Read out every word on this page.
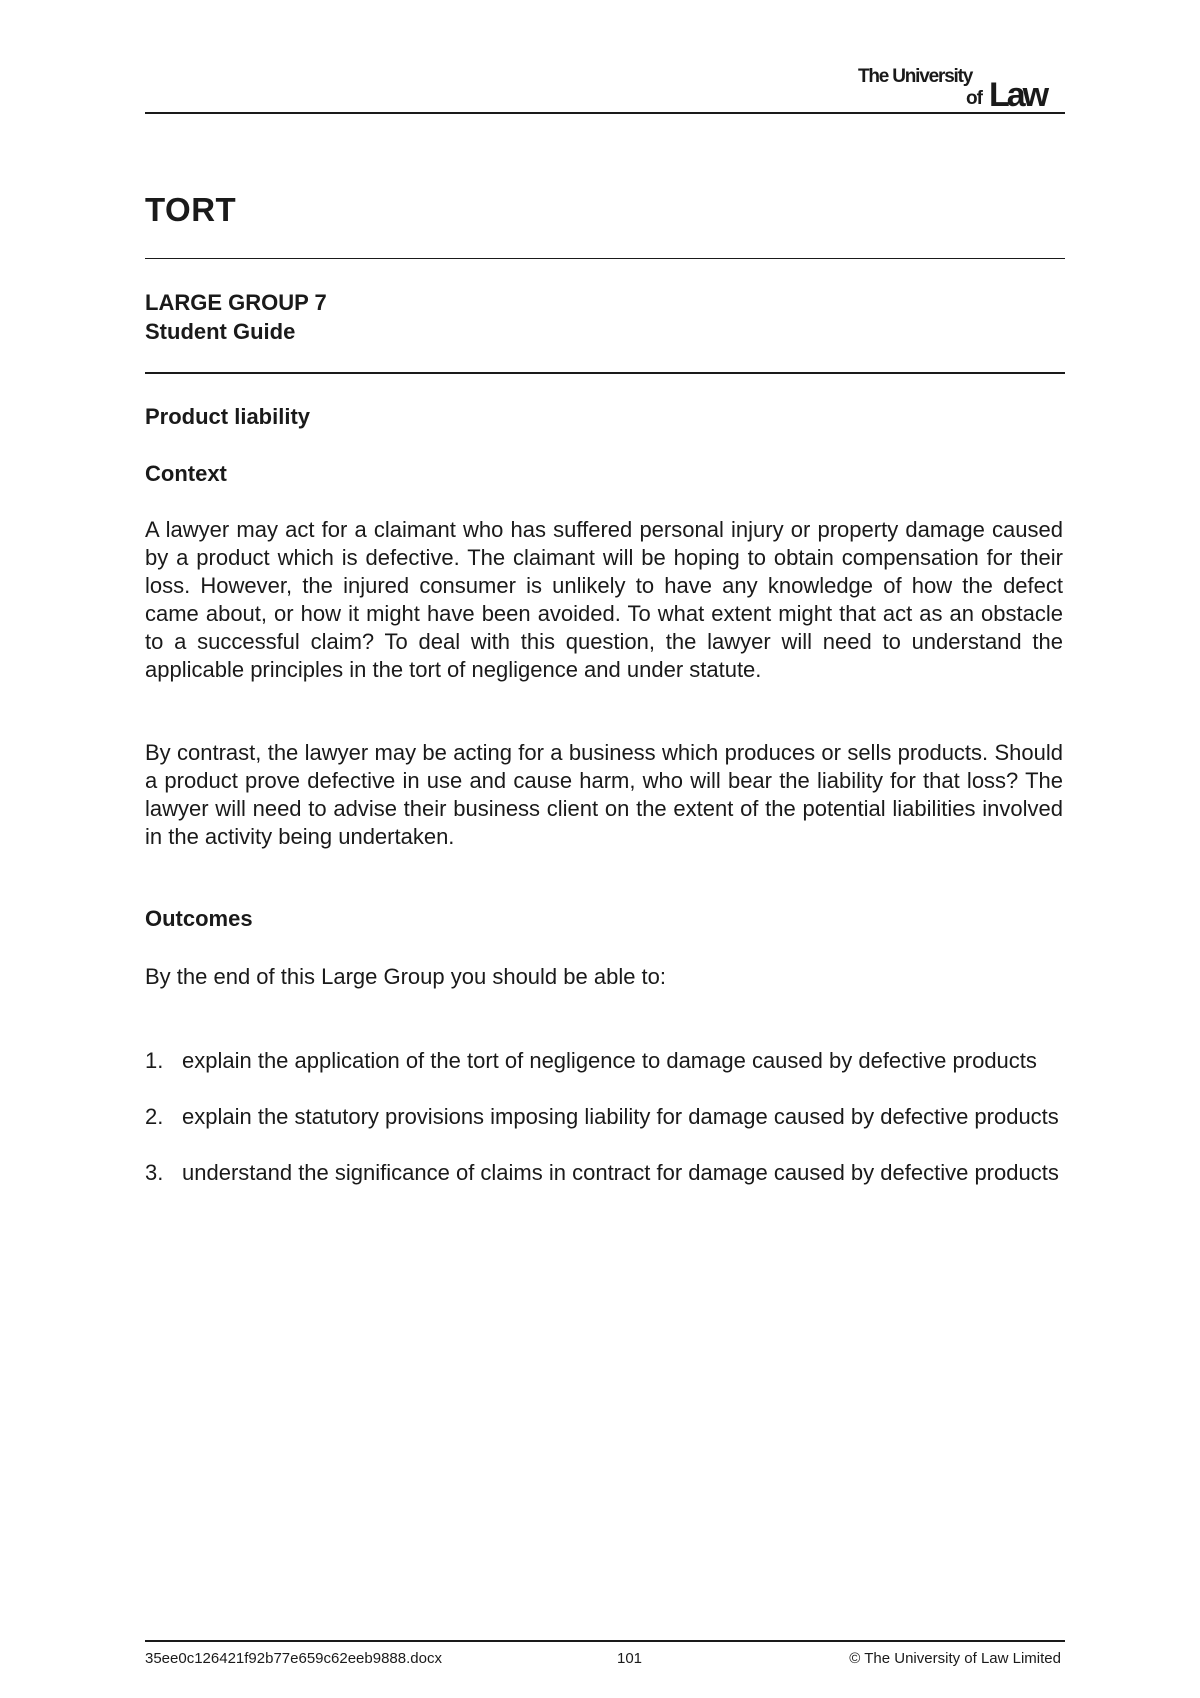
The University
of Law
TORT
LARGE GROUP 7
Student Guide
Product liability
Context

A lawyer may act for a claimant who has suffered personal injury or property damage caused by a product which is defective. The claimant will be hoping to obtain compensation for their loss. However, the injured consumer is unlikely to have any knowledge of how the defect came about, or how it might have been avoided. To what extent might that act as an obstacle to a successful claim? To deal with this question, the lawyer will need to understand the applicable principles in the tort of negligence and under statute.

By contrast, the lawyer may be acting for a business which produces or sells products. Should a product prove defective in use and cause harm, who will bear the liability for that loss? The lawyer will need to advise their business client on the extent of the potential liabilities involved in the activity being undertaken.

Outcomes

By the end of this Large Group you should be able to:

1. explain the application of the tort of negligence to damage caused by defective products
2. explain the statutory provisions imposing liability for damage caused by defective products
3. understand the significance of claims in contract for damage caused by defective products
35ee0c126421f92b77e659c62eeb9888.docx	101	© The University of Law Limited
